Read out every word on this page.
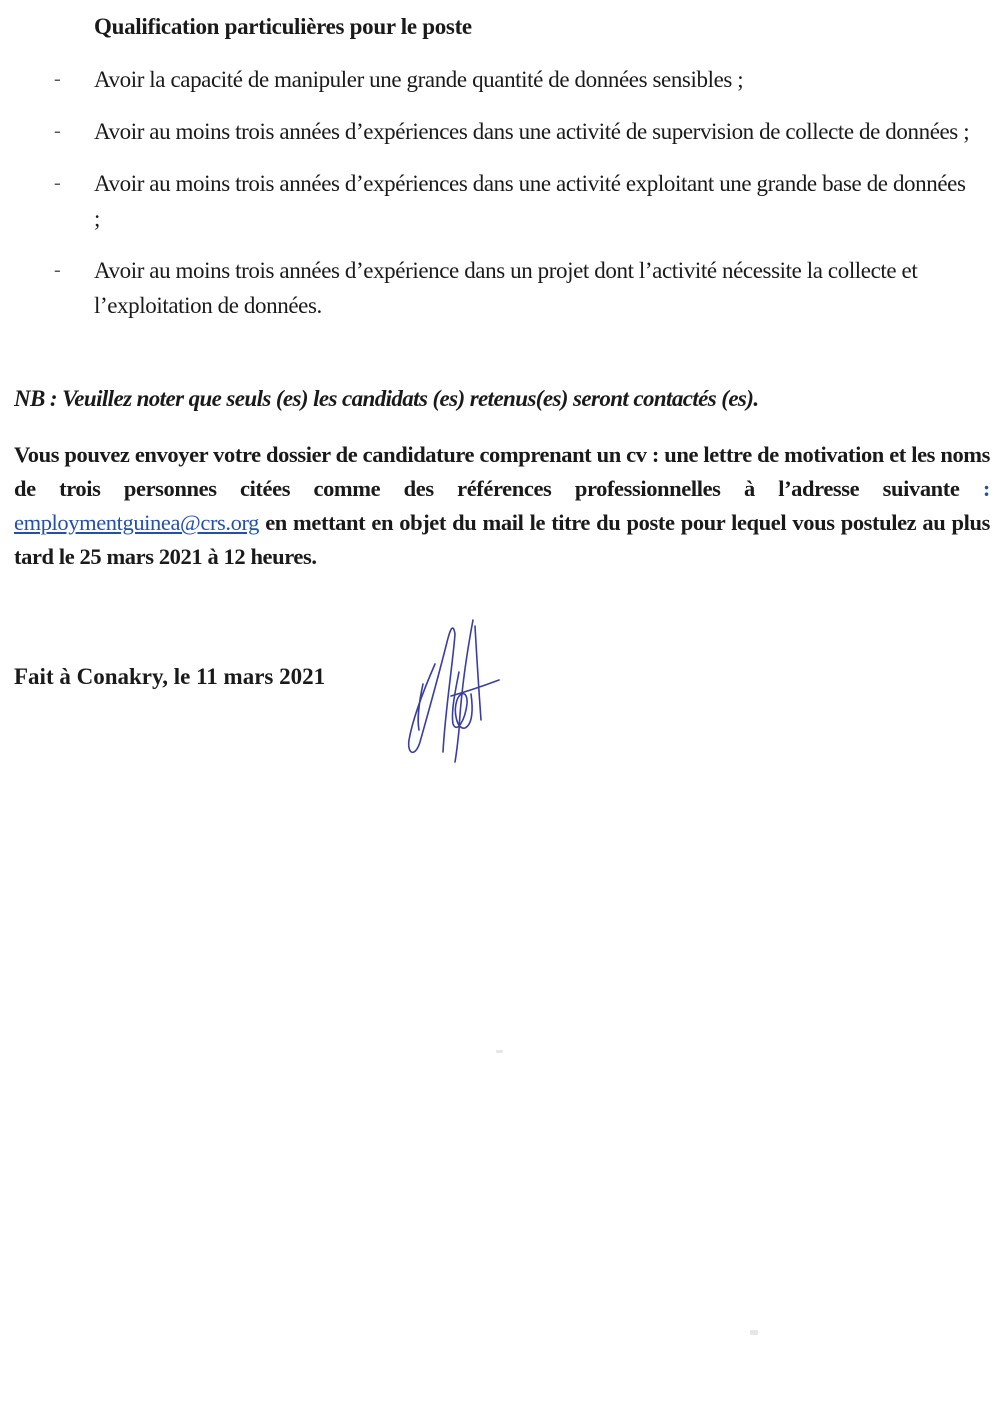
Qualification particulières pour le poste
- Avoir la capacité de manipuler une grande quantité de données sensibles ;
- Avoir au moins trois années d’expériences dans une activité de supervision de collecte de données ;
- Avoir au moins trois années d’expériences dans une activité exploitant une grande base de données ;
- Avoir au moins trois années d’expérience dans un projet dont l’activité nécessite la collecte et l’exploitation de données.

NB : Veuillez noter que seuls (es) les candidats (es) retenus(es) seront contactés (es).

Vous pouvez envoyer votre dossier de candidature comprenant un cv : une lettre de motivation et les noms de trois personnes citées comme des références professionnelles à l’adresse suivante : employmentguinea@crs.org en mettant en objet du mail le titre du poste pour lequel vous postulez au plus tard le 25 mars 2021 à 12 heures.

Fait à Conakry, le 11 mars 2021
